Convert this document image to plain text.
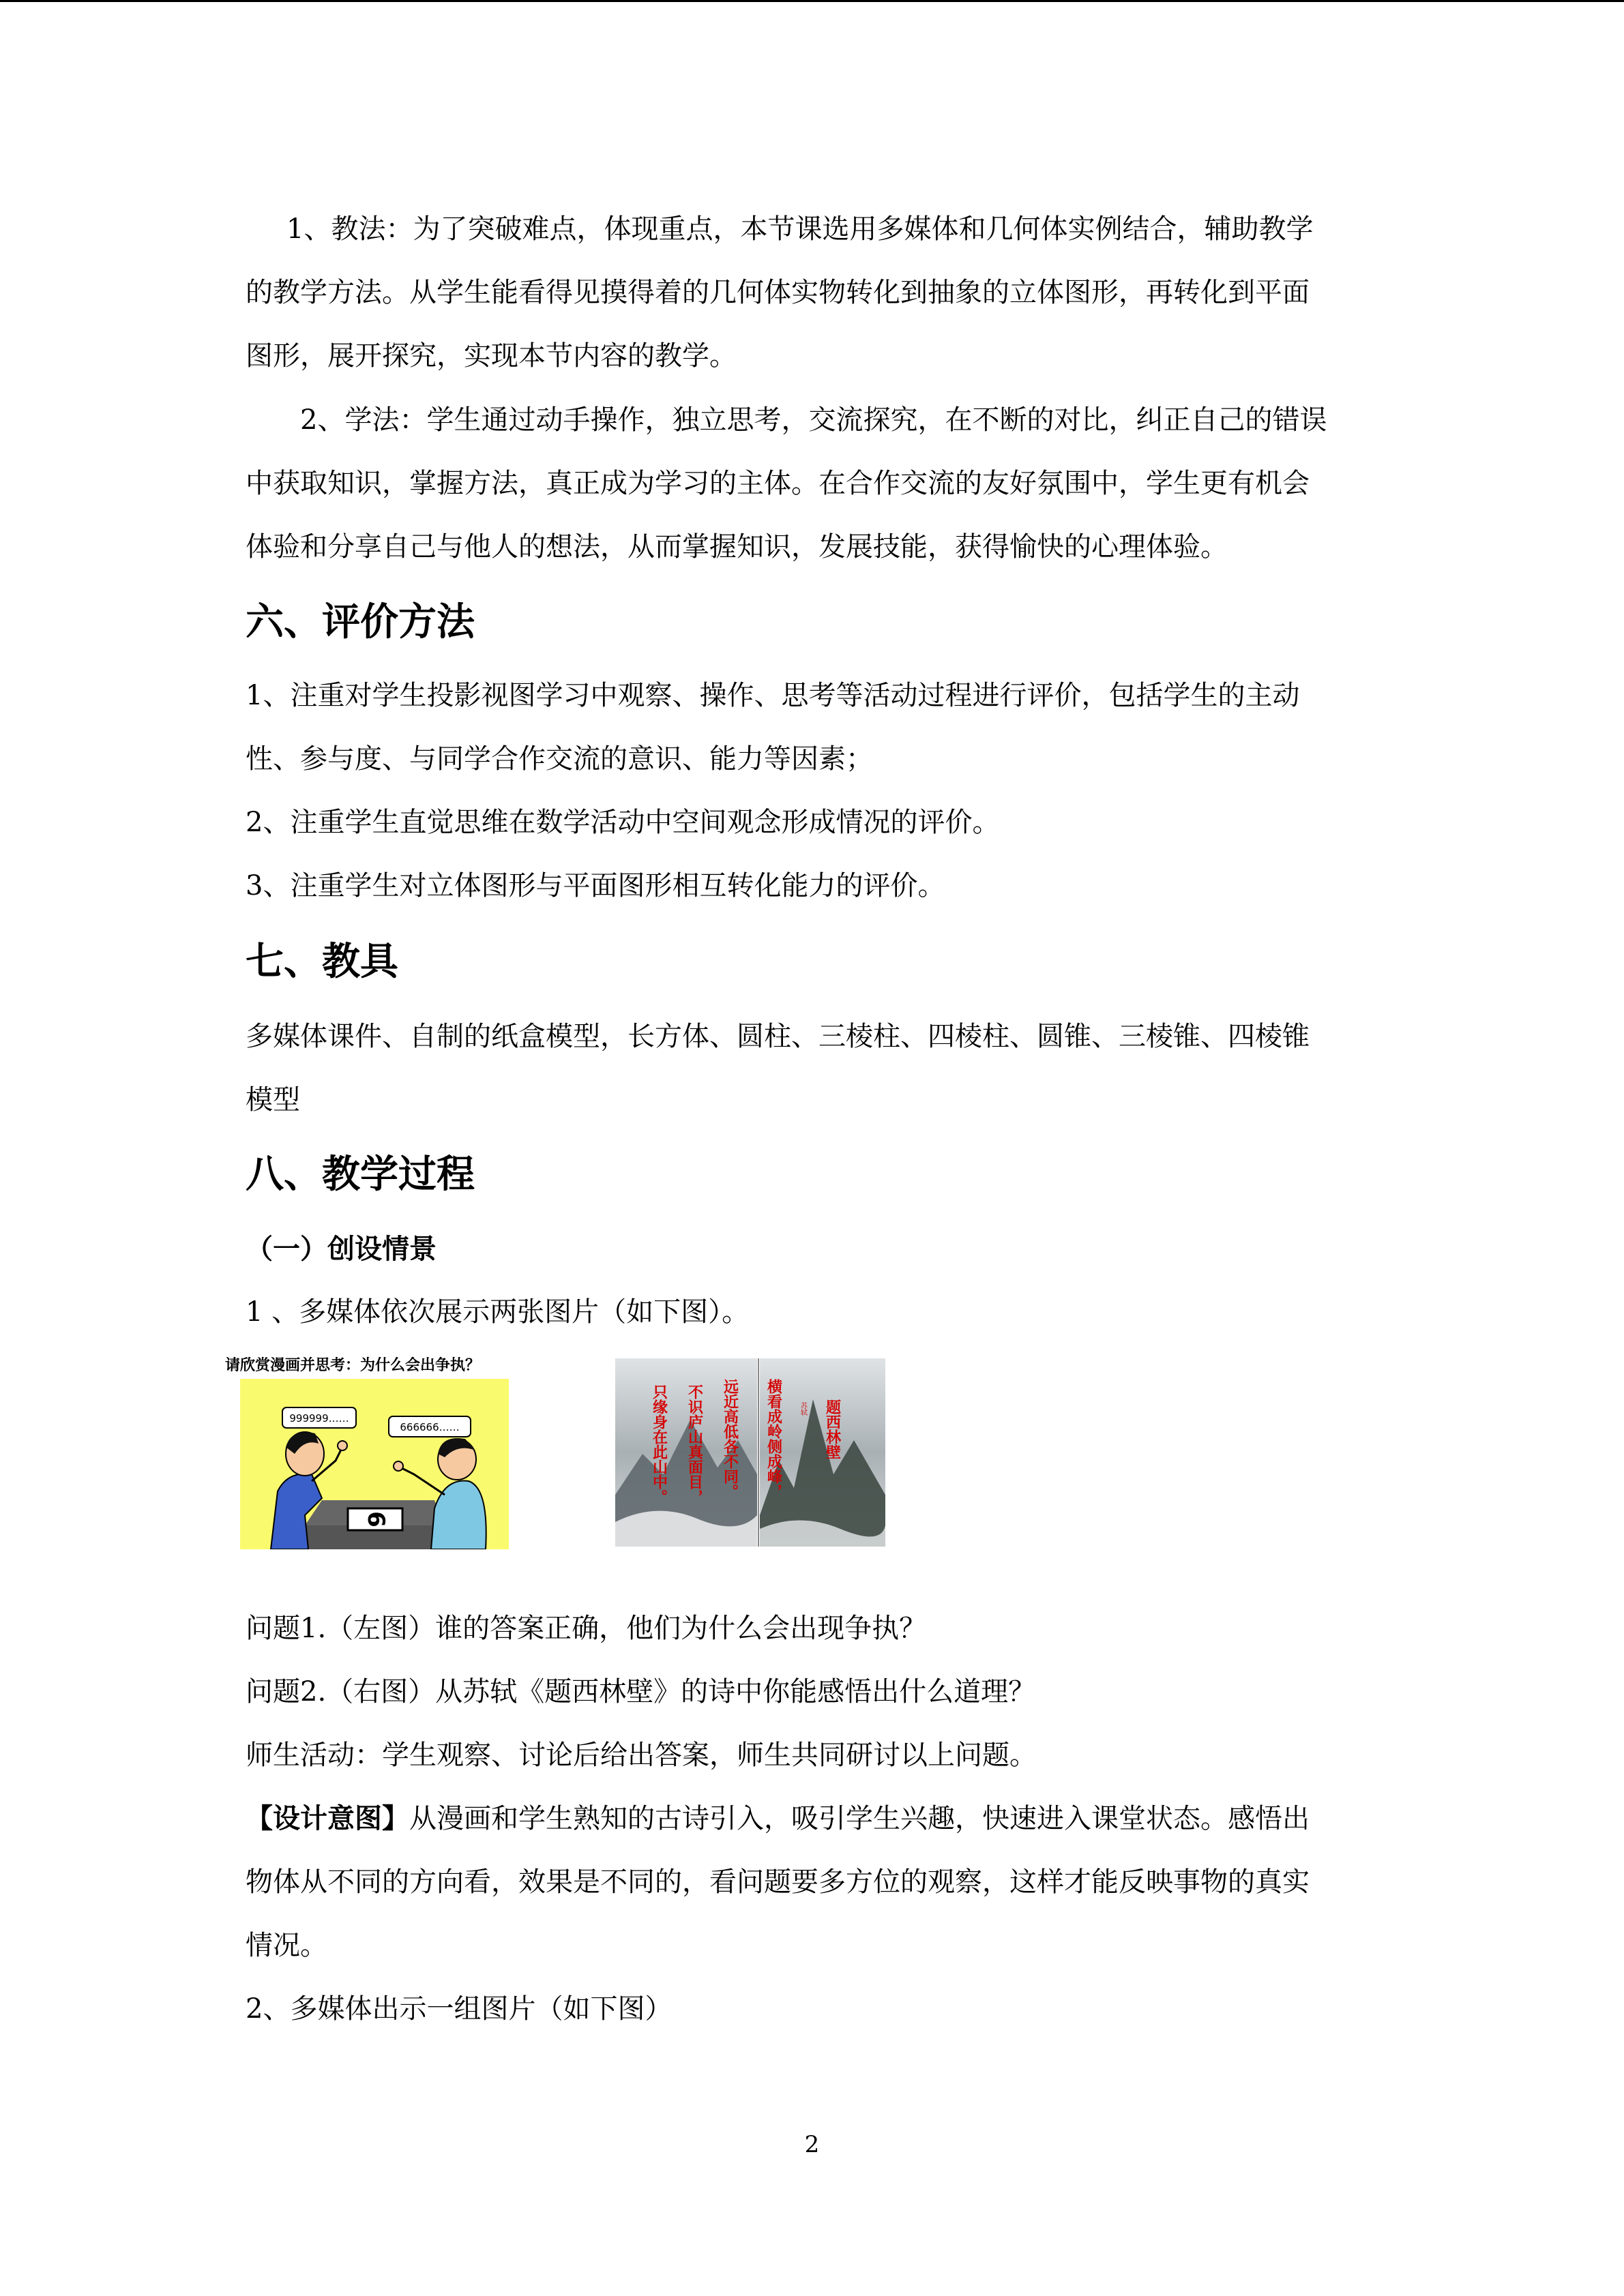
1、教法：为了突破难点，体现重点，本节课选用多媒体和几何体实例结合，辅助教学
的教学方法。从学生能看得见摸得着的几何体实物转化到抽象的立体图形，再转化到平面
图形，展开探究，实现本节内容的教学。
2、学法：学生通过动手操作，独立思考，交流探究，在不断的对比，纠正自己的错误
中获取知识，掌握方法，真正成为学习的主体。在合作交流的友好氛围中，学生更有机会
体验和分享自己与他人的想法，从而掌握知识，发展技能，获得愉快的心理体验。
六、评价方法
1、注重对学生投影视图学习中观察、操作、思考等活动过程进行评价，包括学生的主动
性、参与度、与同学合作交流的意识、能力等因素；
2、注重学生直觉思维在数学活动中空间观念形成情况的评价。
3、注重学生对立体图形与平面图形相互转化能力的评价。
七、教具
多媒体课件、自制的纸盒模型，长方体、圆柱、三棱柱、四棱柱、圆锥、三棱锥、四棱锥
模型
八、教学过程
（一）创设情景
1 、多媒体依次展示两张图片（如下图）。
请欣赏漫画并思考：为什么会出争执？
6
999999……
666666……	只缘身在此山中。 不识庐山真面目， 远近高低各不同。 横看成岭侧成峰，	题西林壁
苏轼
问题1.（左图）谁的答案正确，他们为什么会出现争执？
问题2.（右图）从苏轼《题西林壁》的诗中你能感悟出什么道理？
师生活动：学生观察、讨论后给出答案，师生共同研讨以上问题。
【设计意图】从漫画和学生熟知的古诗引入，吸引学生兴趣，快速进入课堂状态。感悟出
物体从不同的方向看，效果是不同的，看问题要多方位的观察，这样才能反映事物的真实
情况。
2、多媒体出示一组图片（如下图）
2
